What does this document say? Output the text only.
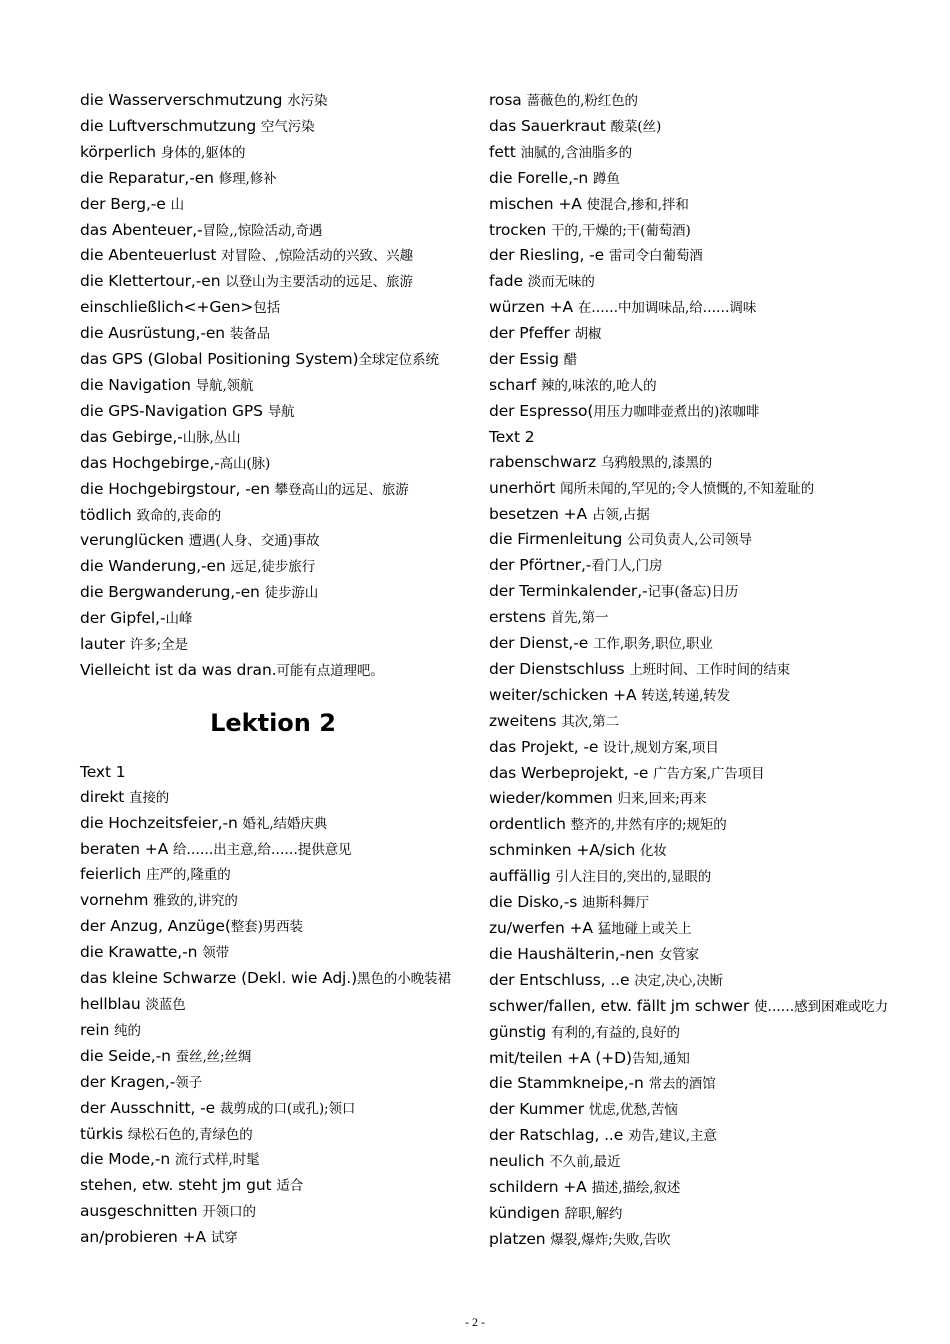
die Wasserverschmutzung 水污染
die Luftverschmutzung 空气污染
körperlich 身体的,躯体的
die Reparatur,-en 修理,修补
der Berg,-e 山
das Abenteuer,-冒险,,惊险活动,奇遇
die Abenteuerlust 对冒险、,惊险活动的兴致、兴趣
die Klettertour,-en 以登山为主要活动的远足、旅游
einschließlich<+Gen>包括
die Ausrüstung,-en 装备品
das GPS (Global Positioning System)全球定位系统
die Navigation 导航,领航
die GPS-Navigation GPS 导航
das Gebirge,-山脉,丛山
das Hochgebirge,-高山(脉)
die Hochgebirgstour, -en 攀登高山的远足、旅游
tödlich 致命的,丧命的
verunglücken 遭遇(人身、交通)事故
die Wanderung,-en 远足,徒步旅行
die Bergwanderung,-en 徒步游山
der Gipfel,-山峰
lauter 许多;全是
Vielleicht ist da was dran.可能有点道理吧。
Lektion 2
Text 1
direkt 直接的
die Hochzeitsfeier,-n 婚礼,结婚庆典
beraten +A 给……出主意,给……提供意见
feierlich 庄严的,隆重的
vornehm 雅致的,讲究的
der Anzug, Anzüge(整套)男西装
die Krawatte,-n 领带
das kleine Schwarze (Dekl. wie Adj.)黑色的小晚装裙
hellblau 淡蓝色
rein 纯的
die Seide,-n 蚕丝,丝;丝绸
der Kragen,-领子
der Ausschnitt, -e 裁剪成的口(或孔);领口
türkis 绿松石色的,青绿色的
die Mode,-n 流行式样,时髦
stehen, etw. steht jm gut 适合
ausgeschnitten 开领口的
an/probieren +A 试穿
rosa 蔷薇色的,粉红色的
das Sauerkraut 酸菜(丝)
fett 油腻的,含油脂多的
die Forelle,-n 蹲鱼
mischen +A 使混合,掺和,拌和
trocken 干的,干燥的;干(葡萄酒)
der Riesling, -e 雷司令白葡萄酒
fade 淡而无味的
würzen +A 在……中加调味品,给……调味
der Pfeffer 胡椒
der Essig 醋
scharf 辣的,味浓的,呛人的
der Espresso(用压力咖啡壶煮出的)浓咖啡
Text 2
rabenschwarz 乌鸦般黑的,漆黑的
unerhört 闻所未闻的,罕见的;令人愤慨的,不知羞耻的
besetzen +A 占领,占据
die Firmenleitung 公司负责人,公司领导
der Pförtner,-看门人,门房
der Terminkalender,-记事(备忘)日历
erstens 首先,第一
der Dienst,-e 工作,职务,职位,职业
der Dienstschluss 上班时间、工作时间的结束
weiter/schicken +A 转送,转递,转发
zweitens 其次,第二
das Projekt, -e 设计,规划方案,项目
das Werbeprojekt, -e 广告方案,广告项目
wieder/kommen 归来,回来;再来
ordentlich 整齐的,井然有序的;规矩的
schminken +A/sich 化妆
auffällig 引人注目的,突出的,显眼的
die Disko,-s 迪斯科舞厅
zu/werfen +A 猛地碰上或关上
die Haushälterin,-nen 女管家
der Entschluss, ..e 决定,决心,决断
schwer/fallen, etw. fällt jm schwer 使……感到困难或吃力
günstig 有利的,有益的,良好的
mit/teilen +A (+D)告知,通知
die Stammkneipe,-n 常去的酒馆
der Kummer 忧虑,优愁,苦恼
der Ratschlag, ..e 劝告,建议,主意
neulich 不久前,最近
schildern +A 描述,描绘,叙述
kündigen 辞职,解约
platzen 爆裂,爆炸;失败,告吹
- 2 -
